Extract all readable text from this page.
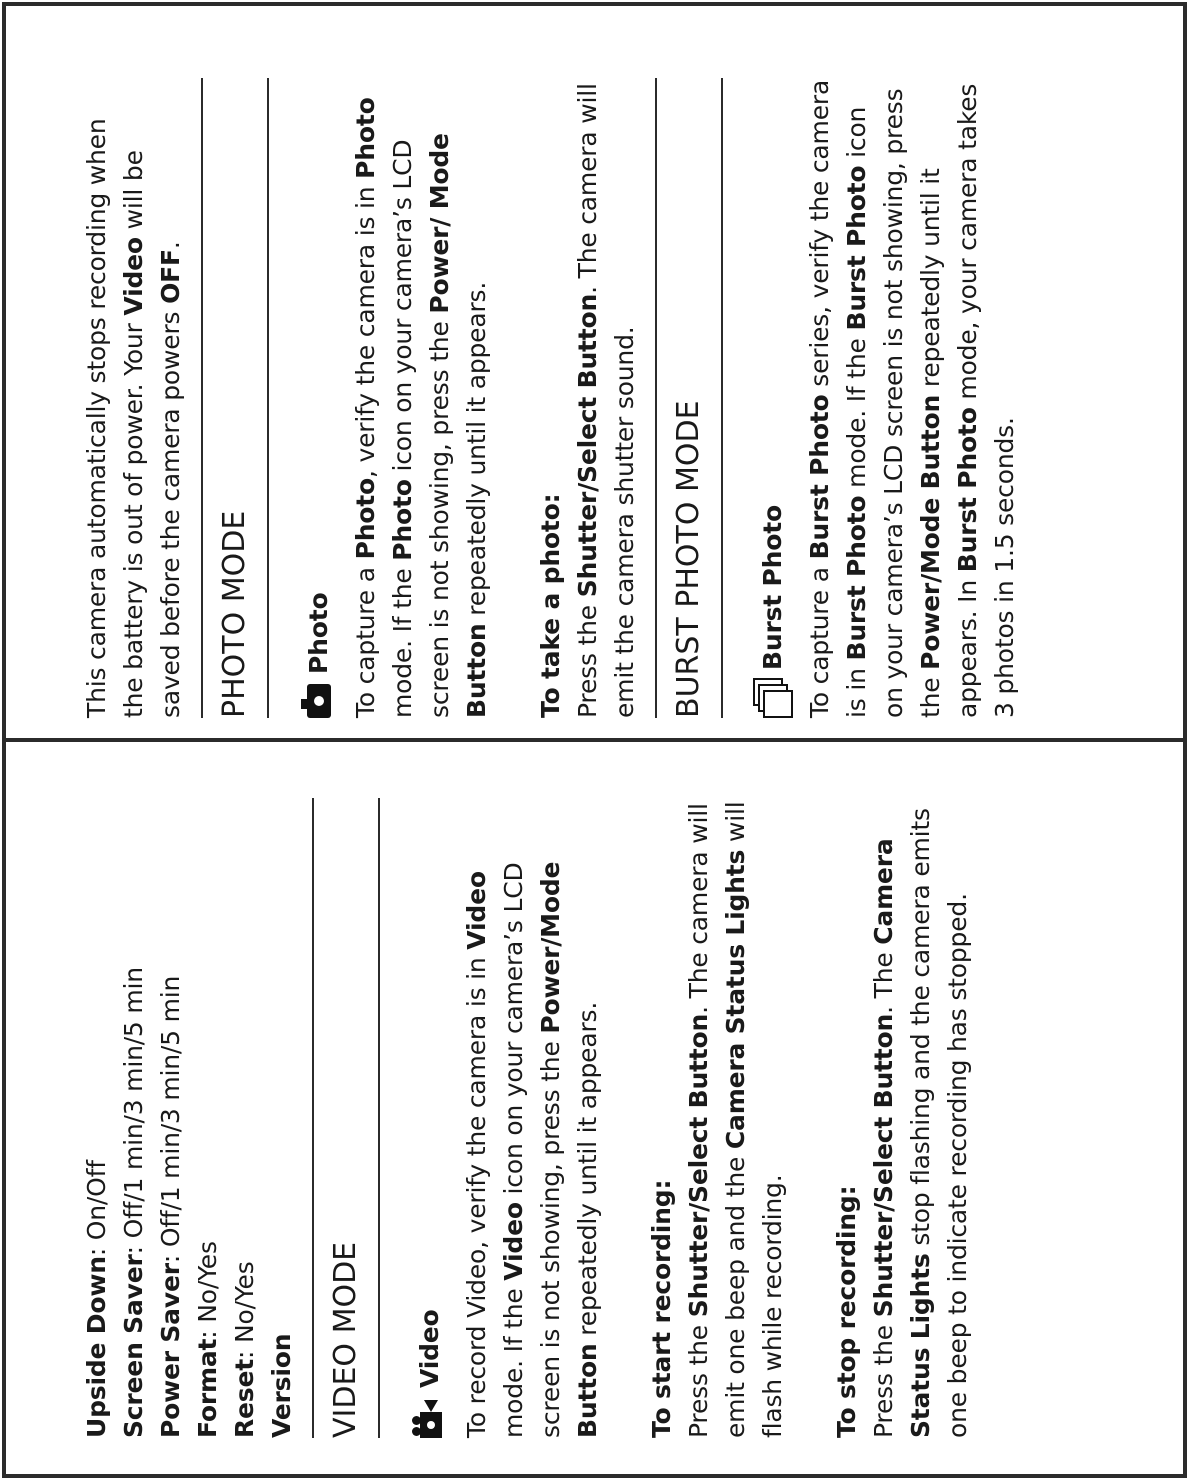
This camera automatically stops recording when the battery is out of power. Your Video will be saved before the camera powers OFF.

PHOTO MODE Photo To capture a Photo, verify the camera is in Photo mode. If the Photo icon on your camera’s LCD screen is not showing, press the Power/ Mode Button repeatedly until it appears. To take a photo: Press the Shutter/Select Button. The camera will emit the camera shutter sound. BURST PHOTO MODE Burst Photo To capture a Burst Photo series, verify the camera is in Burst Photo mode. If the Burst Photo icon on your camera’s LCD screen is not showing, press the Power/Mode Button repeatedly until it appears. In Burst Photo mode, your camera takes 3 photos in 1.5 seconds.

Upside Down: On/Off

Screen Saver: Off/1 min/3 min/5 min

Power Saver: Off/1 min/3 min/5 min

Format: No/Yes

Reset: No/Yes

Version VIDEO MODE Video To record Video, verify the camera is in Video mode. If the Video icon on your camera’s LCD screen is not showing, press the Power/Mode Button repeatedly until it appears. To start recording: Press the Shutter/Select Button. The camera will emit one beep and the Camera Status Lights will flash while recording. To stop recording: Press the Shutter/Select Button. The Camera Status Lights stop flashing and the camera emits one beep to indicate recording has stopped.
